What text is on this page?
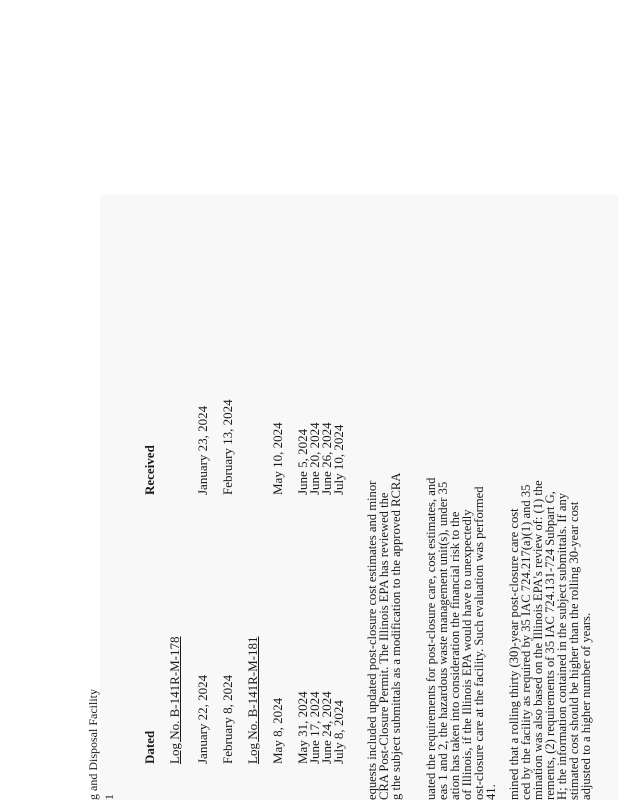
g and Disposal Facility 1
Dated
Received
Log No. B-141R-M-178 January 22, 2024
January 23, 2024
February 8, 2024
February 13, 2024
Log No. B-141R-M-181 May 8, 2024
May 10, 2024
May 31, 2024
June 5, 2024
June 17, 2024
June 20, 2024
June 24, 2024
June 26, 2024
July 8, 2024
July 10, 2024
equests included updated post-closure cost estimates and minor
CRA Post-Closure Permit. The Illinois EPA has reviewed the
g the subject submittals as a modification to the approved RCRA uated the requirements for post-closure care, cost estimates, and
eas 1 and 2, the hazardous waste management unit(s), under 35
ation has taken into consideration the financial risk to the
of Illinois, if the Illinois EPA would have to unexpectedly
ost-closure care at the facility. Such evaluation was performed
41. mined that a rolling thirty (30)-year post-closure care cost
ced by the facility as required by 35 IAC 724.217(a)(1) and 35
mination was also based on the Illinois EPA's review of: (1) the
rements, (2) requirements of 35 IAC 724.131-724 Subpart G,
H; the information contained in the subject submittals. If any
stimated cost should be higher than the rolling 30-year cost
adjusted to a higher number of years.
